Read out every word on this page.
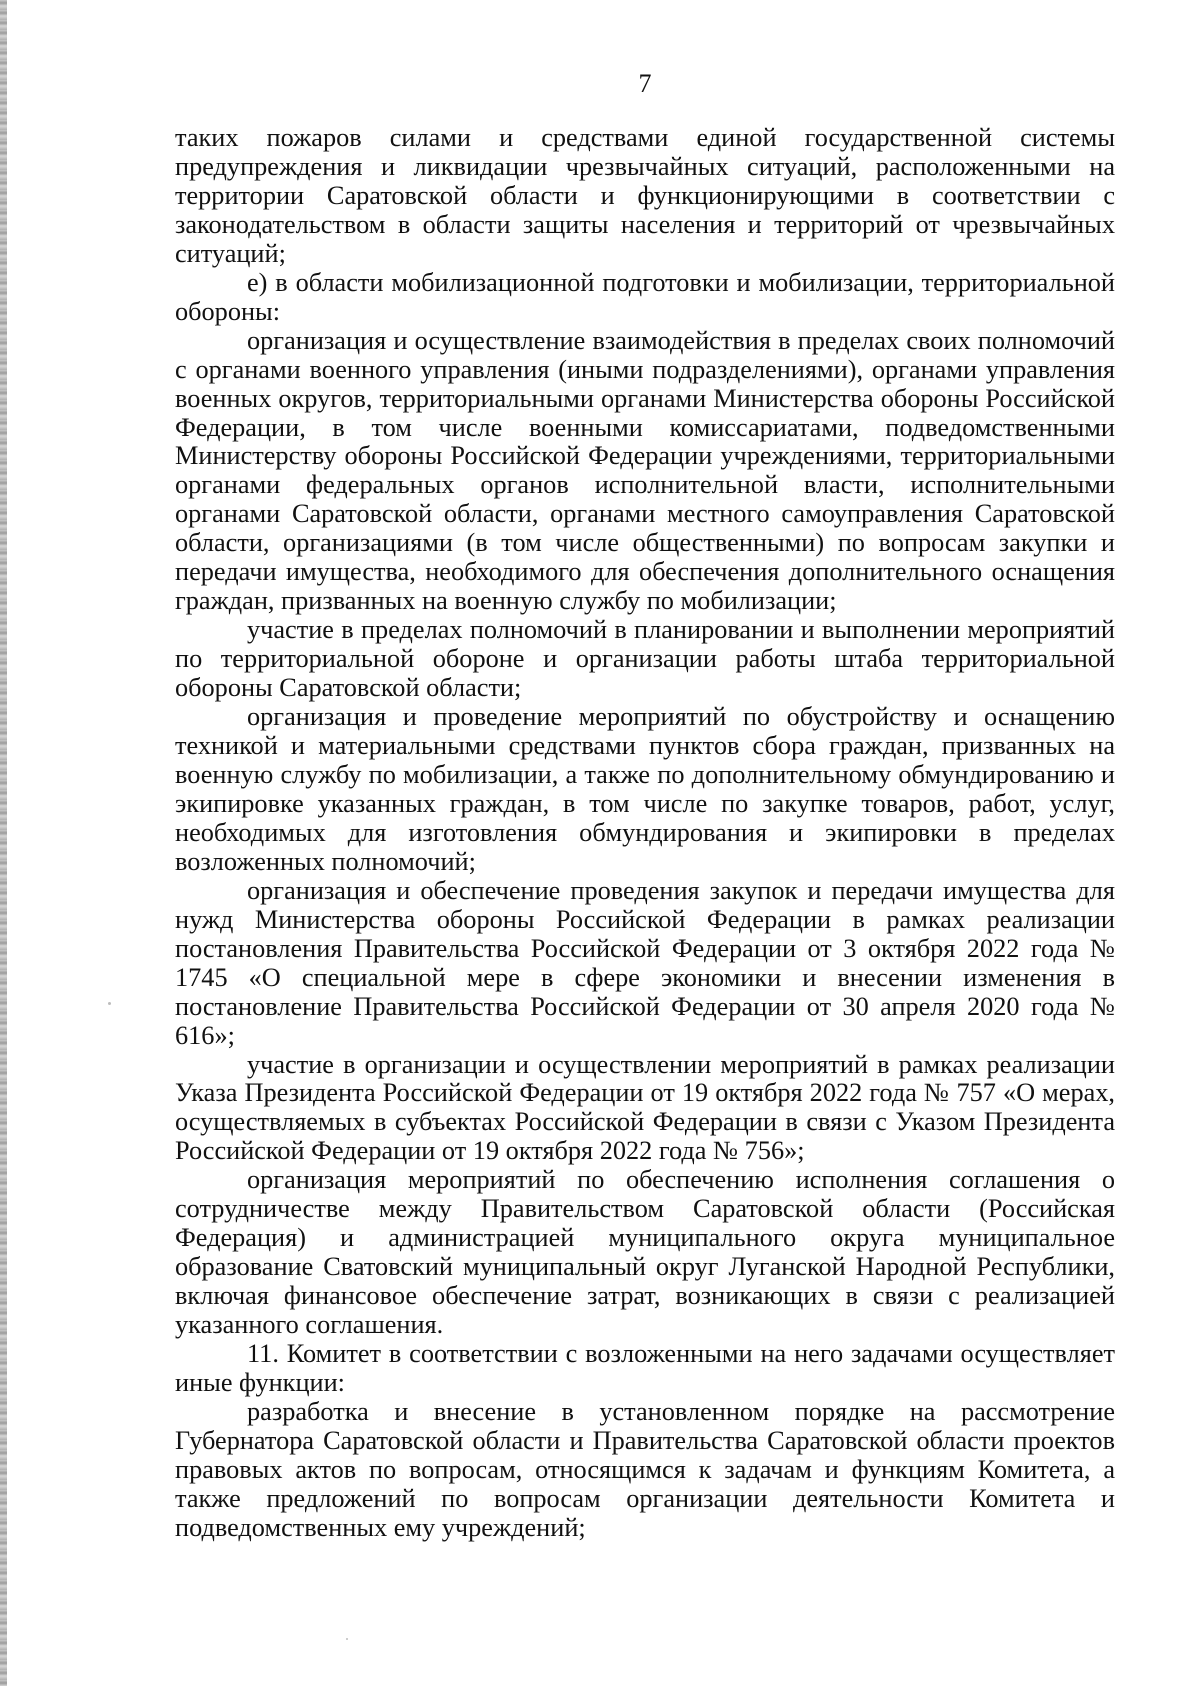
7

таких пожаров силами и средствами единой государственной системы предупреждения и ликвидации чрезвычайных ситуаций, расположенными на территории Саратовской области и функционирующими в соответствии с законодательством в области защиты населения и территорий от чрезвычайных ситуаций;

е) в области мобилизационной подготовки и мобилизации, территориальной обороны:

организация и осуществление взаимодействия в пределах своих полномочий с органами военного управления (иными подразделениями), органами управления военных округов, территориальными органами Министерства обороны Российской Федерации, в том числе военными комиссариатами, подведомственными Министерству обороны Российской Федерации учреждениями, территориальными органами федеральных органов исполнительной власти, исполнительными органами Саратовской области, органами местного самоуправления Саратовской области, организациями (в том числе общественными) по вопросам закупки и передачи имущества, необходимого для обеспечения дополнительного оснащения граждан, призванных на военную службу по мобилизации;

участие в пределах полномочий в планировании и выполнении мероприятий по территориальной обороне и организации работы штаба территориальной обороны Саратовской области;

организация и проведение мероприятий по обустройству и оснащению техникой и материальными средствами пунктов сбора граждан, призванных на военную службу по мобилизации, а также по дополнительному обмундированию и экипировке указанных граждан, в том числе по закупке товаров, работ, услуг, необходимых для изготовления обмундирования и экипировки в пределах возложенных полномочий;

организация и обеспечение проведения закупок и передачи имущества для нужд Министерства обороны Российской Федерации в рамках реализации постановления Правительства Российской Федерации от 3 октября 2022 года № 1745 «О специальной мере в сфере экономики и внесении изменения в постановление Правительства Российской Федерации от 30 апреля 2020 года № 616»;

участие в организации и осуществлении мероприятий в рамках реализации Указа Президента Российской Федерации от 19 октября 2022 года № 757 «О мерах, осуществляемых в субъектах Российской Федерации в связи с Указом Президента Российской Федерации от 19 октября 2022 года № 756»;

организация мероприятий по обеспечению исполнения соглашения о сотрудничестве между Правительством Саратовской области (Российская Федерация) и администрацией муниципального округа муниципальное образование Сватовский муниципальный округ Луганской Народной Республики, включая финансовое обеспечение затрат, возникающих в связи с реализацией указанного соглашения.

11. Комитет в соответствии с возложенными на него задачами осуществляет иные функции:

разработка и внесение в установленном порядке на рассмотрение Губернатора Саратовской области и Правительства Саратовской области проектов правовых актов по вопросам, относящимся к задачам и функциям Комитета, а также предложений по вопросам организации деятельности Комитета и подведомственных ему учреждений;
